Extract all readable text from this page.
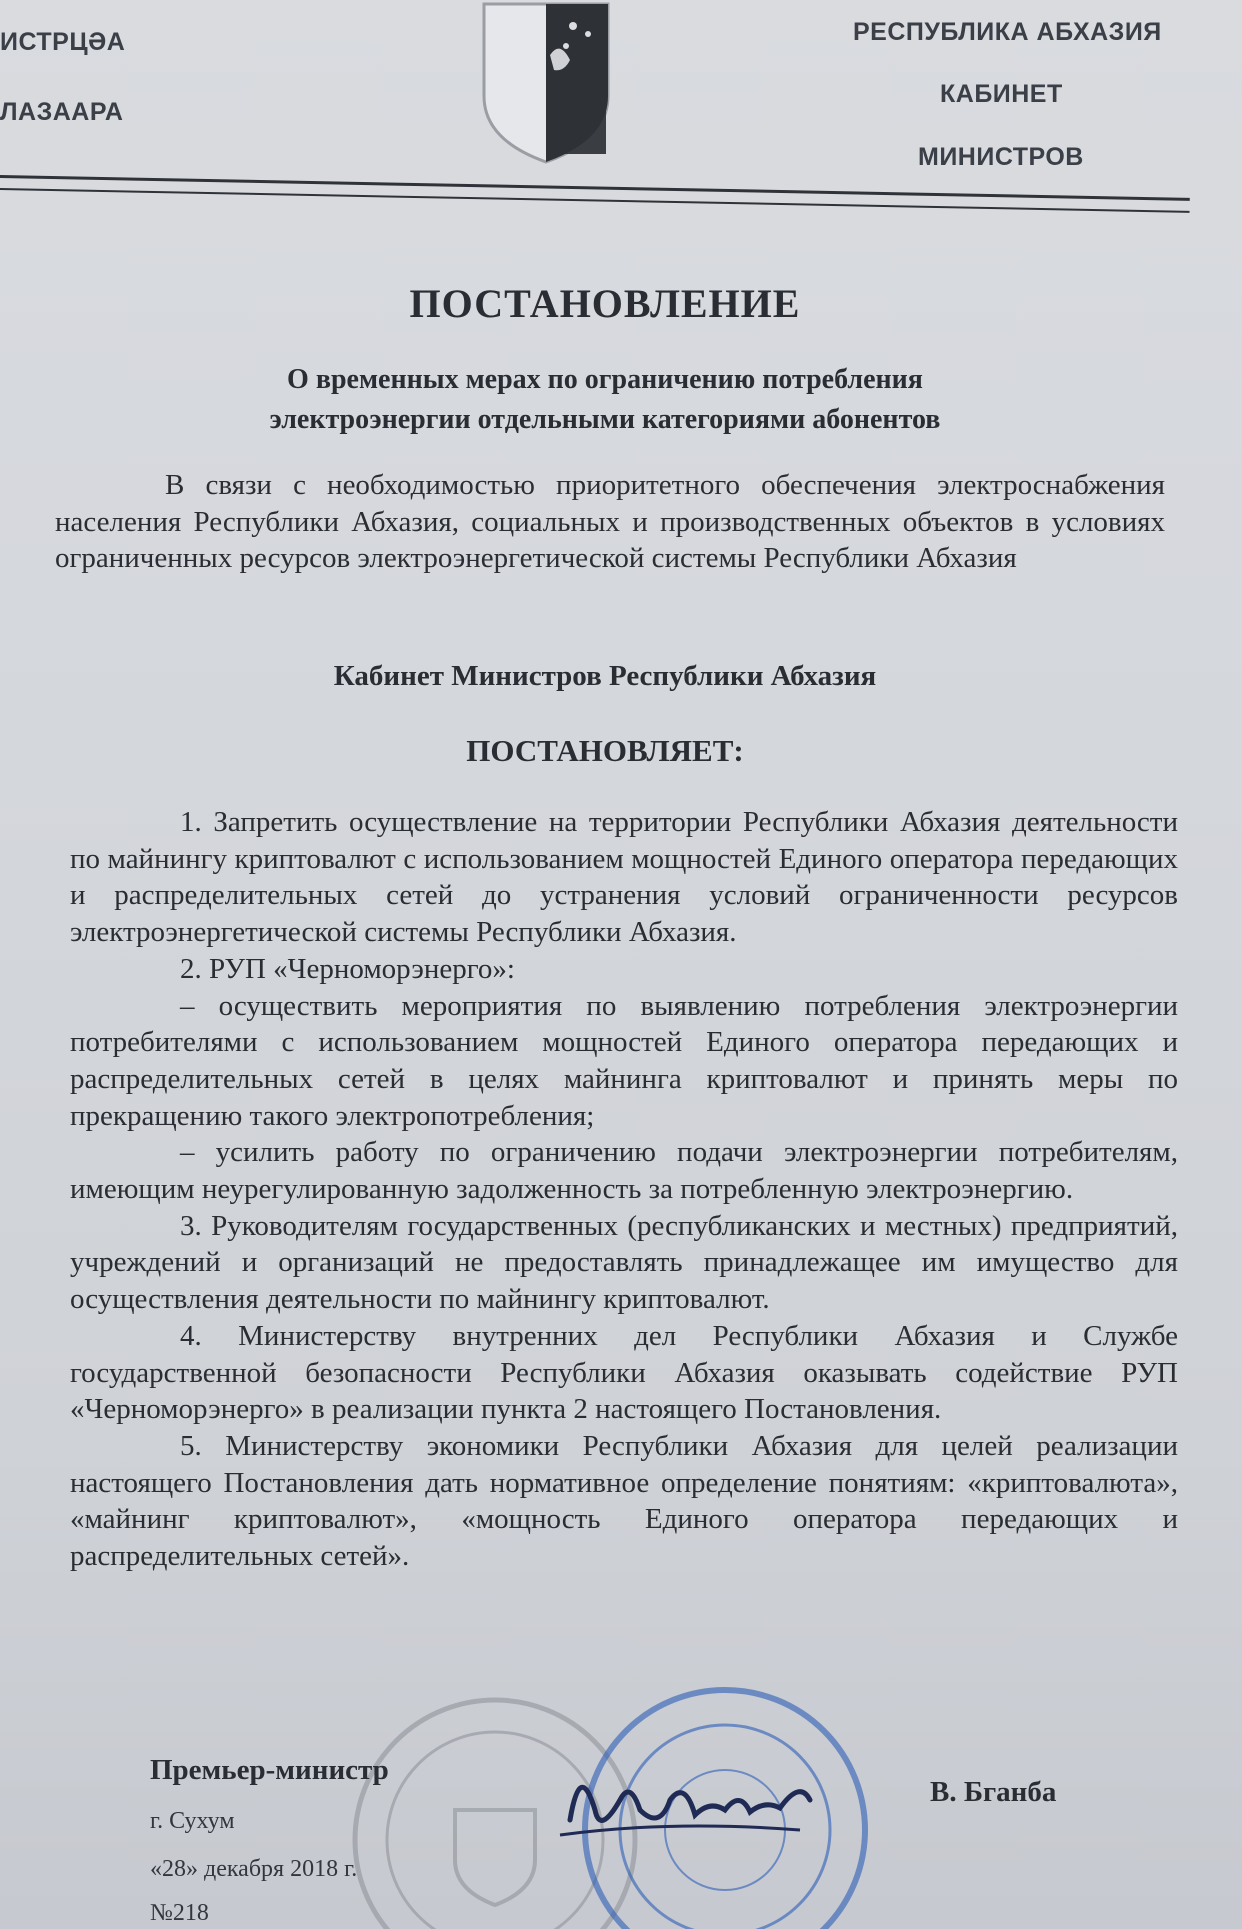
ИСТРЦӘА
ЛАЗААРА
РЕСПУБЛИКА АБХАЗИЯ
КАБИНЕТ
МИНИСТРОВ
ПОСТАНОВЛЕНИЕ
О временных мерах по ограничению потребления
электроэнергии отдельными категориями абонентов

В связи с необходимостью приоритетного обеспечения электроснабжения населения Республики Абхазия, социальных и производственных объектов в условиях ограниченных ресурсов электроэнергетической системы Республики Абхазия

Кабинет Министров Республики Абхазия
ПОСТАНОВЛЯЕТ:

1. Запретить осуществление на территории Республики Абхазия деятельности по майнингу криптовалют с использованием мощностей Единого оператора передающих и распределительных сетей до устранения условий ограниченности ресурсов электроэнергетической системы Республики Абхазия.

2. РУП «Черноморэнерго»:

– осуществить мероприятия по выявлению потребления электроэнергии потребителями с использованием мощностей Единого оператора передающих и распределительных сетей в целях майнинга криптовалют и принять меры по прекращению такого электропотребления;

– усилить работу по ограничению подачи электроэнергии потребителям, имеющим неурегулированную задолженность за потребленную электроэнергию.

3. Руководителям государственных (республиканских и местных) предприятий, учреждений и организаций не предоставлять принадлежащее им имущество для осуществления деятельности по майнингу криптовалют.

4. Министерству внутренних дел Республики Абхазия и Службе государственной безопасности Республики Абхазия оказывать содействие РУП «Черноморэнерго» в реализации пункта 2 настоящего Постановления.

5. Министерству экономики Республики Абхазия для целей реализации настоящего Постановления дать нормативное определение понятиям: «криптовалюта», «майнинг криптовалют», «мощность Единого оператора передающих и распределительных сетей».

Премьер-министр
В. Бганба
г. Сухум
«28» декабря 2018 г.
№218
